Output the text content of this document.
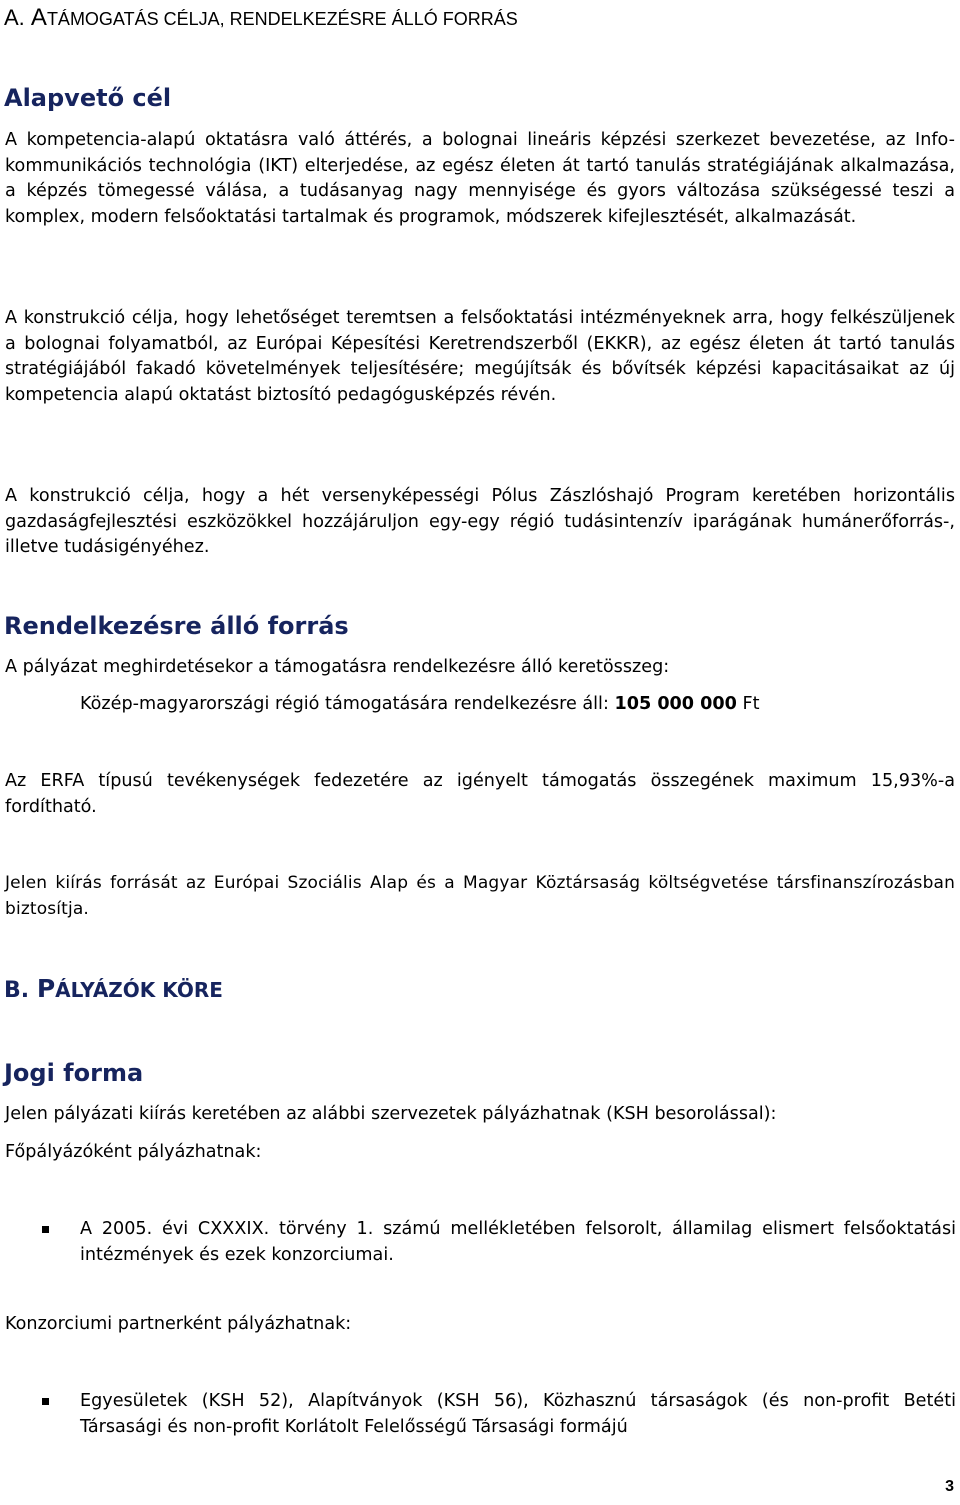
A. ATÁMOGATÁS CÉLJA, RENDELKEZÉSRE ÁLLÓ FORRÁS
Alapvető cél

A kompetencia-alapú oktatásra való áttérés, a bolognai lineáris képzési szerkezet bevezetése, az Info-kommunikációs technológia (IKT) elterjedése, az egész életen át tartó tanulás stratégiájának alkalmazása, a képzés tömegessé válása, a tudásanyag nagy mennyisége és gyors változása szükségessé teszi a komplex, modern felsőoktatási tartalmak és programok, módszerek kifejlesztését, alkalmazását.

A konstrukció célja, hogy lehetőséget teremtsen a felsőoktatási intézményeknek arra, hogy felkészüljenek a bolognai folyamatból, az Európai Képesítési Keretrendszerből (EKKR), az egész életen át tartó tanulás stratégiájából fakadó követelmények teljesítésére; megújítsák és bővítsék képzési kapacitásaikat az új kompetencia alapú oktatást biztosító pedagógusképzés révén.

A konstrukció célja, hogy a hét versenyképességi Pólus Zászlóshajó Program keretében horizontális gazdaságfejlesztési eszközökkel hozzájáruljon egy-egy régió tudásintenzív iparágának humánerőforrás-, illetve tudásigényéhez.

Rendelkezésre álló forrás

A pályázat meghirdetésekor a támogatásra rendelkezésre álló keretösszeg:

Közép-magyarországi régió támogatására rendelkezésre áll: 105 000 000 Ft

Az ERFA típusú tevékenységek fedezetére az igényelt támogatás összegének maximum 15,93%-a fordítható.

Jelen kiírás forrását az Európai Szociális Alap és a Magyar Köztársaság költségvetése társfinanszírozásban biztosítja.

B. PÁLYÁZÓK KÖRE
Jogi forma

Jelen pályázati kiírás keretében az alábbi szervezetek pályázhatnak (KSH besorolással):

Főpályázóként pályázhatnak:

A 2005. évi CXXXIX. törvény 1. számú mellékletében felsorolt, államilag elismert felsőoktatási intézmények és ezek konzorciumai.

Konzorciumi partnerként pályázhatnak:

Egyesületek (KSH 52), Alapítványok (KSH 56), Közhasznú társaságok (és non-profit Betéti Társasági és non-profit Korlátolt Felelősségű Társasági formájú

3
